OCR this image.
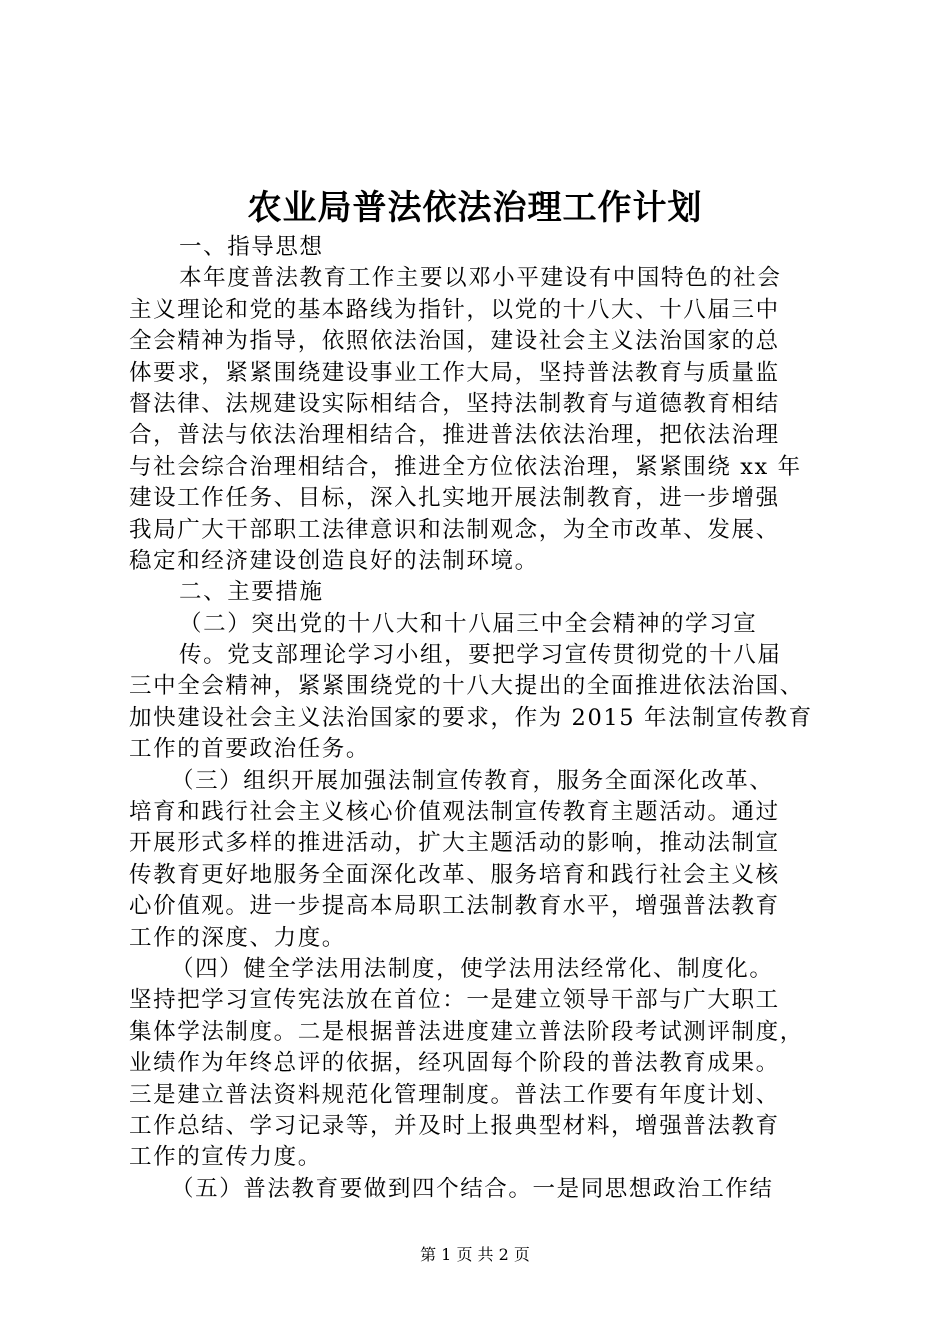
农业局普法依法治理工作计划
一、指导思想
本年度普法教育工作主要以邓小平建设有中国特色的社会
主义理论和党的基本路线为指针，以党的十八大、十八届三中
全会精神为指导，依照依法治国，建设社会主义法治国家的总
体要求，紧紧围绕建设事业工作大局，坚持普法教育与质量监
督法律、法规建设实际相结合，坚持法制教育与道德教育相结
合，普法与依法治理相结合，推进普法依法治理，把依法治理
与社会综合治理相结合，推进全方位依法治理，紧紧围绕 xx 年
建设工作任务、目标，深入扎实地开展法制教育，进一步增强
我局广大干部职工法律意识和法制观念，为全市改革、发展、
稳定和经济建设创造良好的法制环境。
二、主要措施
（二）突出党的十八大和十八届三中全会精神的学习宣
传。党支部理论学习小组，要把学习宣传贯彻党的十八届
三中全会精神，紧紧围绕党的十八大提出的全面推进依法治国、
加快建设社会主义法治国家的要求，作为 2015 年法制宣传教育
工作的首要政治任务。
（三）组织开展加强法制宣传教育，服务全面深化改革、
培育和践行社会主义核心价值观法制宣传教育主题活动。通过
开展形式多样的推进活动，扩大主题活动的影响，推动法制宣
传教育更好地服务全面深化改革、服务培育和践行社会主义核
心价值观。进一步提高本局职工法制教育水平，增强普法教育
工作的深度、力度。
（四）健全学法用法制度，使学法用法经常化、制度化。
坚持把学习宣传宪法放在首位：一是建立领导干部与广大职工
集体学法制度。二是根据普法进度建立普法阶段考试测评制度，
业绩作为年终总评的依据，经巩固每个阶段的普法教育成果。
三是建立普法资料规范化管理制度。普法工作要有年度计划、
工作总结、学习记录等，并及时上报典型材料，增强普法教育
工作的宣传力度。
（五）普法教育要做到四个结合。一是同思想政治工作结
第 1 页 共 2 页
